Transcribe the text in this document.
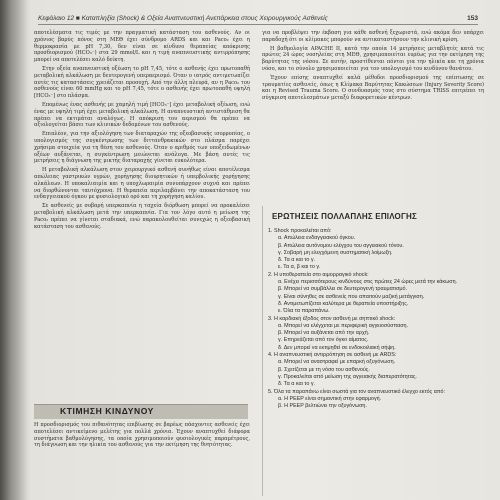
Κεφάλαιο 12 ■ Καταπληξία (Shock) & Οξεία Αναπνευστική Ανεπάρκεια στους Χειρουργικούς Ασθενείς	153

αποτελέσματα τις τιμές με την πραγματική κατάσταση του ασθενούς. Αν οι χρόνιος βαρύς πόνος στη ΜΕΘ έχει σύνδρομο ARDS και και Paco₂ έχει η θερμοκρασία με pH 7,30, δεν είναι σε κίνδυνο θεραπείας απόκρισης προσδιορισμού (HCO₃⁻) στα 29 mmol/L και η τιμή αναπνευστικής αντιρρόπησης μπορεί να αποτελέσει καλό δείκτη.

Στην οξεία αναπνευστική οξέωση το pH 7,45, τότε ο ασθενής έχει πρωτοπαθή μεταβολική αλκάλωση με δευτερογενή υπεραερισμό. Όταν ο ιατρός αντιμετωπίζει αυτές τις καταστάσεις χρειάζεται προσοχή. Από την άλλη πλευρά, αν η Paco₂ του ασθενούς είναι 60 mmHg και το pH 7,45, τότε ο ασθενής έχει πρωτοπαθή υψηλή [HCO₃⁻] στο πλάσμα.

Επομένως ένας ασθενής με χαμηλή τιμή [HCO₃⁻] έχει μεταβολική οξέωση, ενώ ένας με υψηλή τιμή έχει μεταβολική αλκάλωση. Η αναπνευστική αντιστάθμιση θα πρέπει να εκτιμάται αναλόγως. Η απόκριση του αερισμού θα πρέπει να αξιολογείται βάσει των κλινικών δεδομένων του ασθενούς.

Επιπλέον, για την αξιολόγηση των διαταραχών της οξεοβασικής ισορροπίας, ο υπολογισμός της συγκέντρωσης των διττανθρακικών στο πλάσμα παρέχει χρήσιμα στοιχεία για τη θέση του ασθενούς. Όταν ο αριθμός των υποξειδωμένων οξέων αυξάνεται, η συγκέντρωση μειώνεται ανάλογα. Με βάση αυτές τις μετρήσεις η διάγνωση της μικτής διαταραχής γίνεται ευκολότερα.

Η μεταβολική αλκάλωση στον χειρουργικό ασθενή συνήθως είναι αποτέλεσμα απώλειας γαστρικών υγρών, χορήγησης διουρητικών ή υπερβολικής χορήγησης αλκάλεων. Η υποκαλιαιμία και η υποχλωραιμία συνυπάρχουν συχνά και πρέπει να διορθώνονται ταυτόχρονα. Η θεραπεία περιλαμβάνει την αποκατάσταση του ενδαγγειακού όγκου με φυσιολογικό ορό και τη χορήγηση καλίου.

Σε ασθενείς με σοβαρή υπερκαπνία η ταχεία διόρθωση μπορεί να προκαλέσει μεταβολική αλκάλωση μετά την υπερκαπνία. Για τον λόγο αυτό η μείωση της Paco₂ πρέπει να γίνεται σταδιακά, ενώ παρακολουθείται συνεχώς η οξεοβασική κατάσταση του ασθενούς.

ΚΤΙΜΗΣΗ ΚΙΝΔΥΝΟΥ

Η προσδιορισμός του πιθανότητας επιβίωσης σε βαρέως πάσχοντες ασθενείς έχει αποτελέσει αντικείμενο μελέτης για πολλά χρόνια. Έχουν αναπτυχθεί διάφορα συστήματα βαθμολόγησης, τα οποία χρησιμοποιούν φυσιολογικές παραμέτρους, τη διάγνωση και την ηλικία του ασθενούς για την εκτίμηση της θνητότητας.

για να προβλέψει την έκβαση για κάθε ασθενή ξεχωριστά, ενώ ακόμα δεν υπάρχει παραδοχή ότι οι κλίμακες μπορούν να αντικαταστήσουν την κλινική κρίση.

Η βαθμολογία APACHE II, κατά την οποία 14 μετρήσεις μεταβλητές κατά τις πρώτες 24 ώρες νοσηλείας στη ΜΕΘ, χρησιμοποιείται ευρέως για την εκτίμηση της βαρύτητας της νόσου. Σε αυτήν, προστίθενται πόντοι για την ηλικία και τη χρόνια νόσο, και το σύνολο χρησιμοποιείται για τον υπολογισμό του κινδύνου θανάτου.

Έχουν επίσης αναπτυχθεί καλά μέθοδοι προσδιορισμού της επίπτωσης σε τραυματίες ασθενείς, όπως η Κλίμακα Βαρύτητας Κακώσεων (Injury Severity Score) και η Revised Trauma Score. Ο συνδυασμός τους στο σύστημα TRISS επιτρέπει τη σύγκριση αποτελεσμάτων μεταξύ διαφορετικών κέντρων.

ΕΡΩΤΗΣΕΙΣ ΠΟΛΛΑΠΛΗΣ ΕΠΙΛΟΓΗΣ

1. Shock προκαλείται από:

α. Απώλεια ενδαγγειακού όγκου.

β. Απώλεια αυτόνομου ελέγχου του αγγειακού τόνου.

γ. Σοβαρή μη ελεγχόμενη συστηματική λοίμωξη.

δ. Τα α και το γ.

ε. Τα α, β και το γ.

2. Η υποθεραπεία στο αιμορραγικό shock:

α. Ενέχει περισσότερους κινδύνους στις πρώτες 24 ώρες μετά την κάκωση.

β. Μπορεί να συμβάλλει σε δευτερογενή τραυματισμό.

γ. Είναι σύνηθες σε ασθενείς που απαιτούν μαζική μετάγγιση.

δ. Αντιμετωπίζεται καλύτερα με θεραπεία υποστήριξης.

ε. Όλα τα παραπάνω.

3. Η καρδιακή έξοδος στον ασθενή με σηπτικό shock:

α. Μπορεί να ελέγχεται με περιφερική αγγειοσύσπαση.

β. Μπορεί να αυξάνεται από την αρχή.

γ. Επηρεάζεται από τον όγκο αίματος.

δ. Δεν μπορεί να εκτιμηθεί σε ενδοκοιλιακή σήψη.

4. Η αναπνευστική αντιρρόπηση σε ασθενή με ARDS:

α. Μπορεί να αναστραφεί με επαρκή οξυγόνωση.

β. Σχετίζεται με τη νόσο του ασθενούς.

γ. Προκαλείται από μείωση της αγγειακής διαπερατότητας.

δ. Τα α και το γ.

5. Όλα τα παραπάνω είναι σωστά για τον αναπνευστικό έλεγχο εκτός από:

α. Η PEEP είναι σημαντική στην εφαρμογή.

β. Η PEEP βελτιώνει την οξυγόνωση.
